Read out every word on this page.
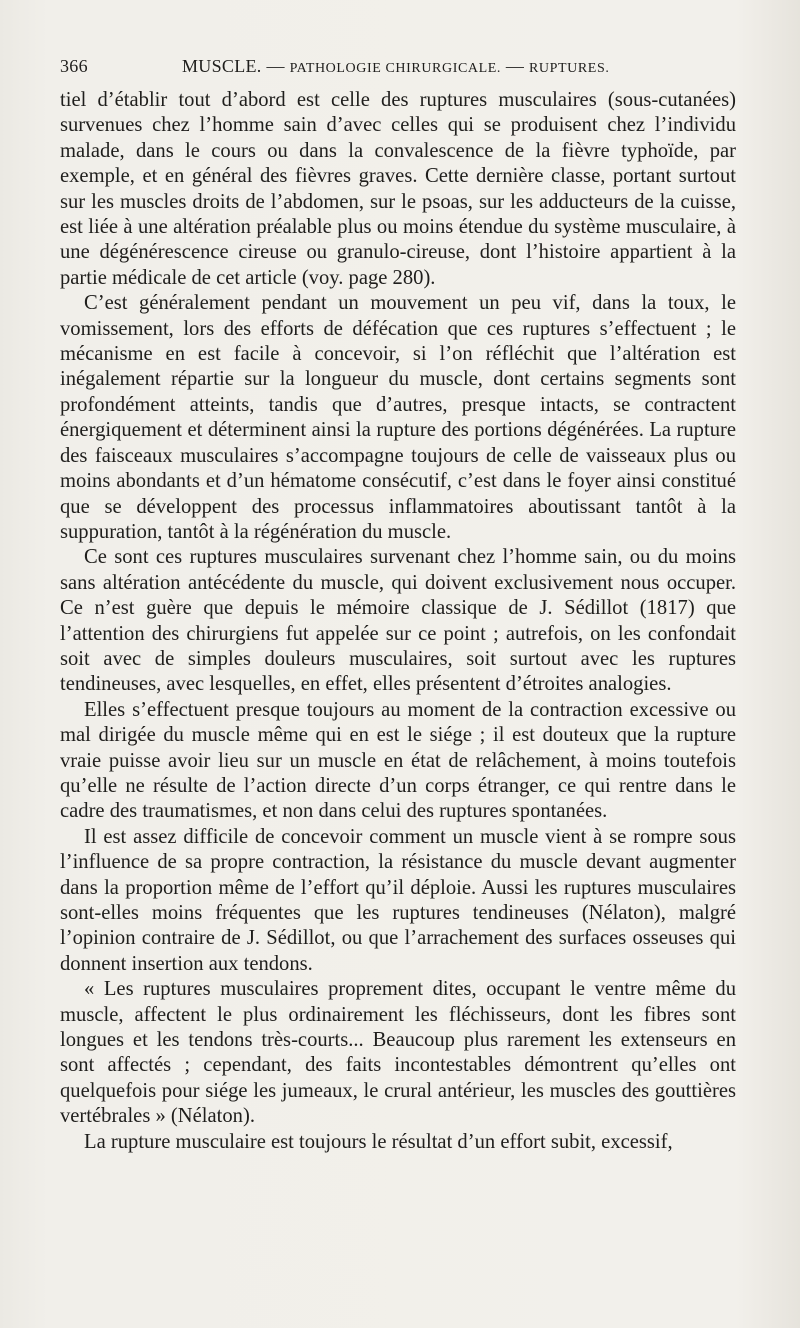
366	MUSCLE. — PATHOLOGIE CHIRURGICALE. — RUPTURES.

tiel d’établir tout d’abord est celle des ruptures musculaires (sous-cutanées) survenues chez l’homme sain d’avec celles qui se produisent chez l’individu malade, dans le cours ou dans la convalescence de la fièvre typhoïde, par exemple, et en général des fièvres graves. Cette dernière classe, portant surtout sur les muscles droits de l’abdomen, sur le psoas, sur les adducteurs de la cuisse, est liée à une altération préalable plus ou moins étendue du système musculaire, à une dégénérescence cireuse ou granulo-cireuse, dont l’histoire appartient à la partie médicale de cet article (voy. page 280).

C’est généralement pendant un mouvement un peu vif, dans la toux, le vomissement, lors des efforts de défécation que ces ruptures s’effectuent ; le mécanisme en est facile à concevoir, si l’on réfléchit que l’altération est inégalement répartie sur la longueur du muscle, dont certains segments sont profondément atteints, tandis que d’autres, presque intacts, se contractent énergiquement et déterminent ainsi la rupture des portions dégénérées. La rupture des faisceaux musculaires s’accompagne toujours de celle de vaisseaux plus ou moins abondants et d’un hématome consécutif, c’est dans le foyer ainsi constitué que se développent des processus inflammatoires aboutissant tantôt à la suppuration, tantôt à la régénération du muscle.

Ce sont ces ruptures musculaires survenant chez l’homme sain, ou du moins sans altération antécédente du muscle, qui doivent exclusivement nous occuper. Ce n’est guère que depuis le mémoire classique de J. Sédillot (1817) que l’attention des chirurgiens fut appelée sur ce point ; autrefois, on les confondait soit avec de simples douleurs musculaires, soit surtout avec les ruptures tendineuses, avec lesquelles, en effet, elles présentent d’étroites analogies.

Elles s’effectuent presque toujours au moment de la contraction excessive ou mal dirigée du muscle même qui en est le siége ; il est douteux que la rupture vraie puisse avoir lieu sur un muscle en état de relâchement, à moins toutefois qu’elle ne résulte de l’action directe d’un corps étranger, ce qui rentre dans le cadre des traumatismes, et non dans celui des ruptures spontanées.

Il est assez difficile de concevoir comment un muscle vient à se rompre sous l’influence de sa propre contraction, la résistance du muscle devant augmenter dans la proportion même de l’effort qu’il déploie. Aussi les ruptures musculaires sont-elles moins fréquentes que les ruptures tendineuses (Nélaton), malgré l’opinion contraire de J. Sédillot, ou que l’arrachement des surfaces osseuses qui donnent insertion aux tendons.

« Les ruptures musculaires proprement dites, occupant le ventre même du muscle, affectent le plus ordinairement les fléchisseurs, dont les fibres sont longues et les tendons très-courts... Beaucoup plus rarement les extenseurs en sont affectés ; cependant, des faits incontestables démontrent qu’elles ont quelquefois pour siége les jumeaux, le crural antérieur, les muscles des gouttières vertébrales » (Nélaton).

La rupture musculaire est toujours le résultat d’un effort subit, excessif,
